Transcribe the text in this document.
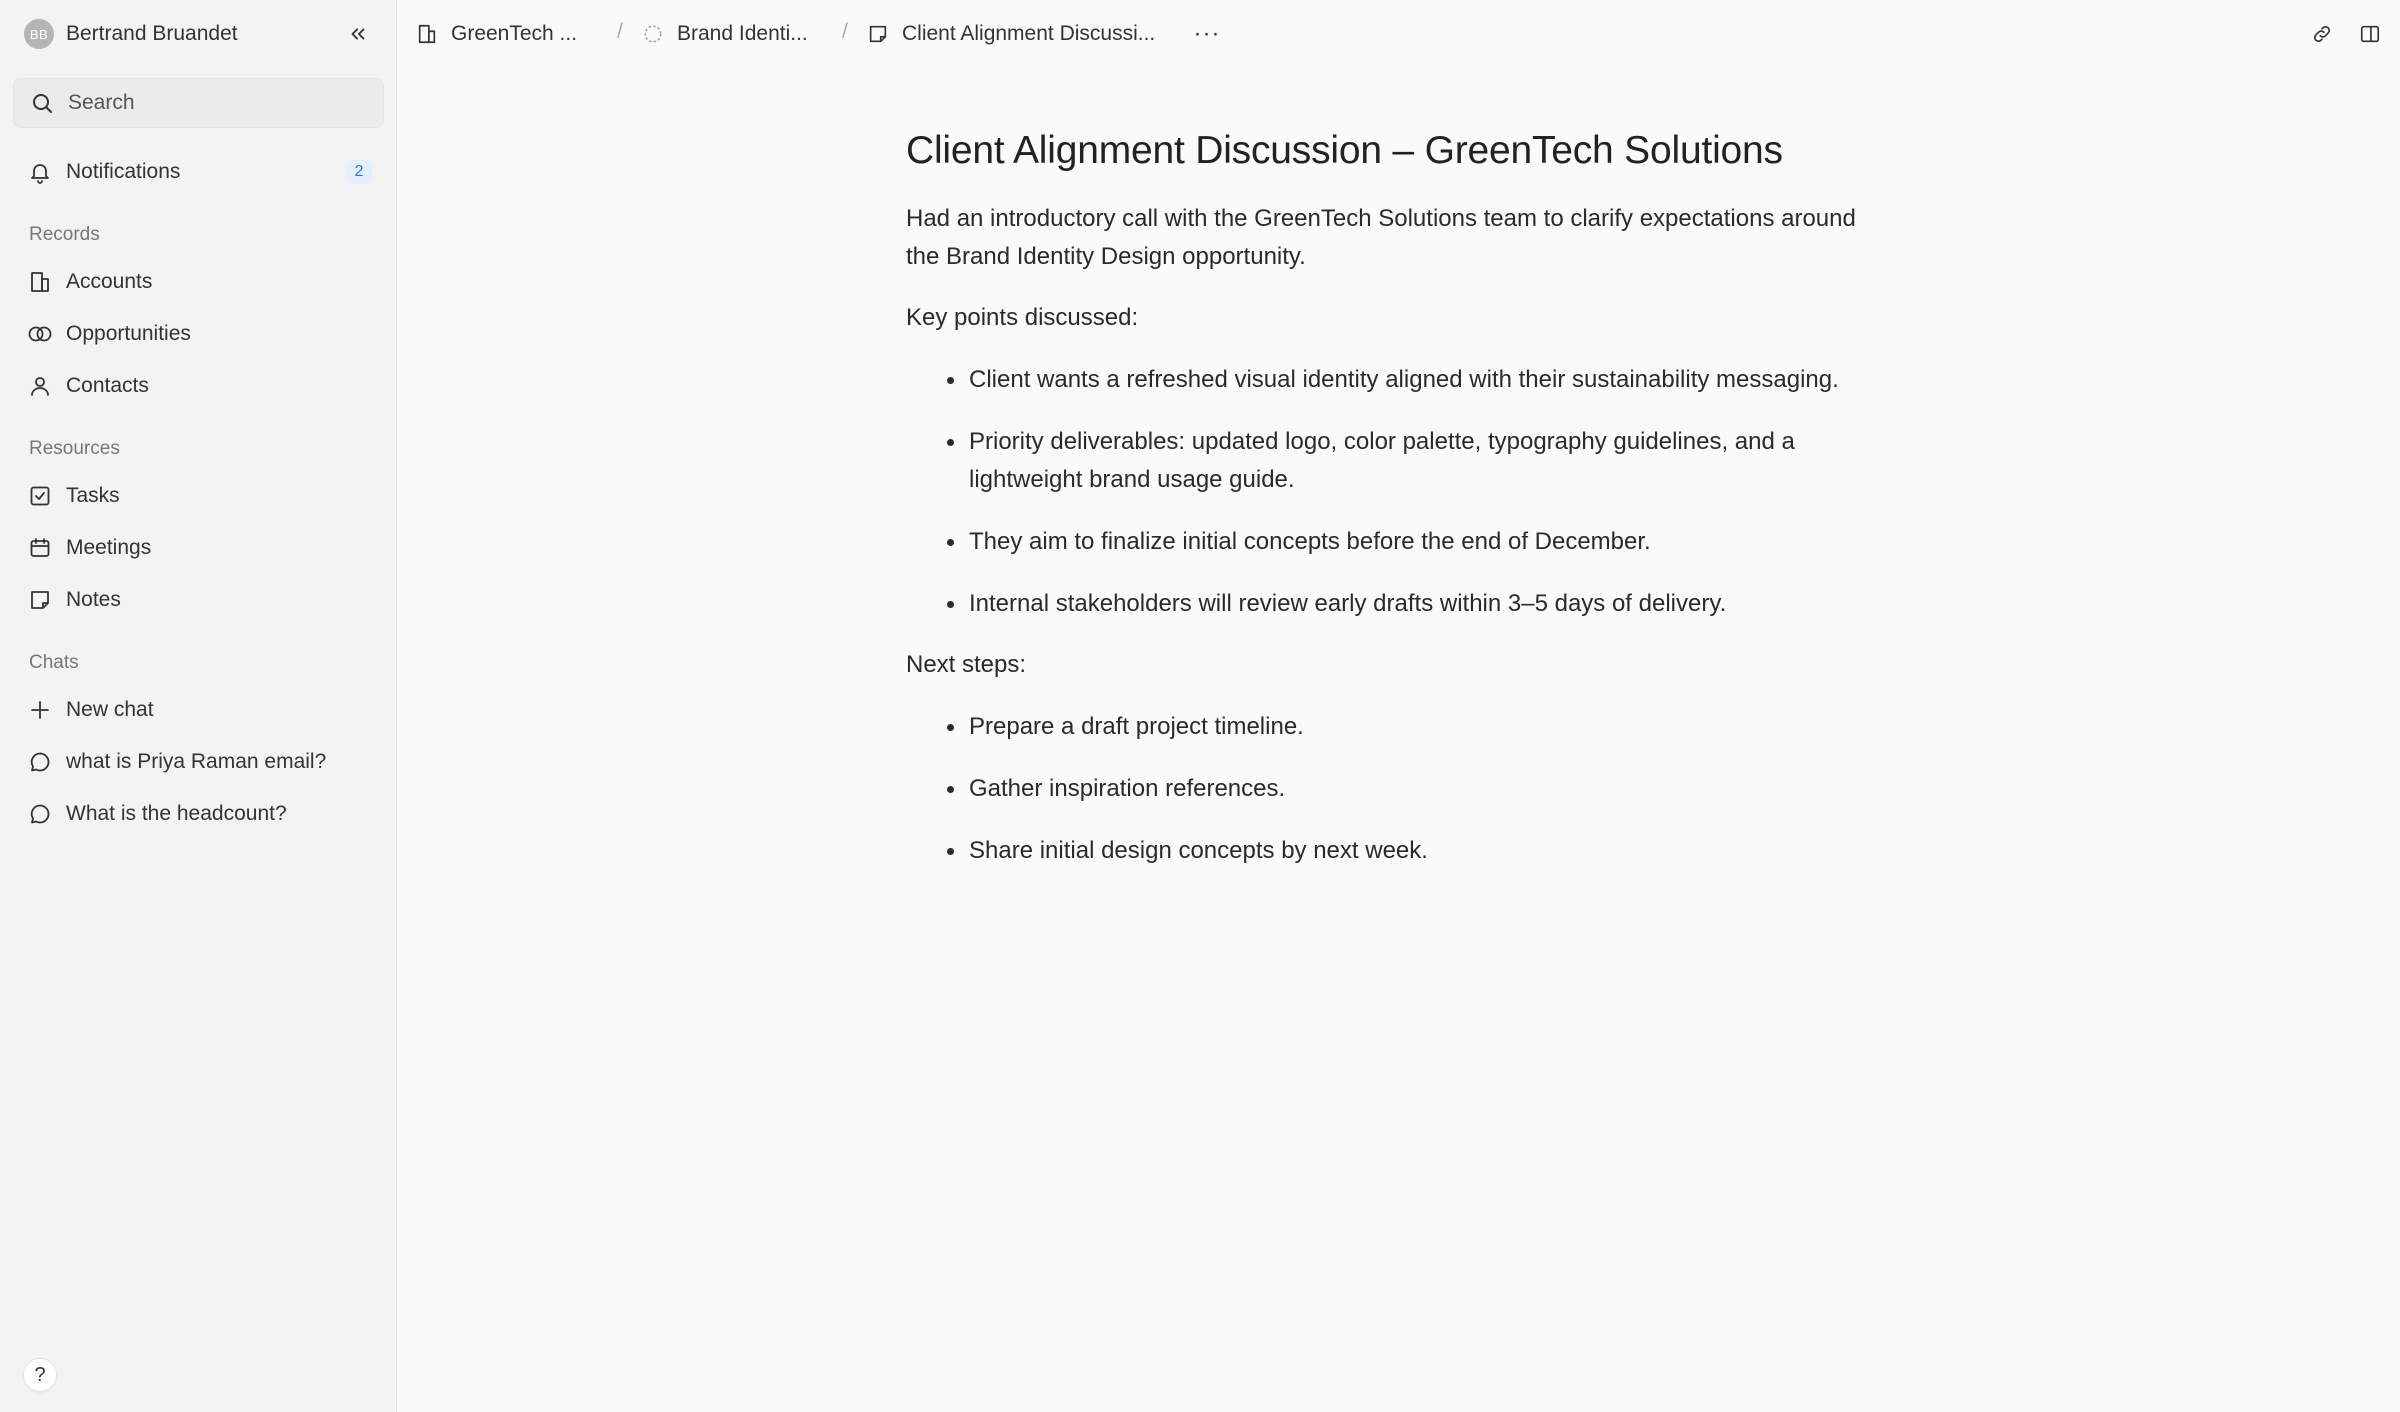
BB Bertrand Bruandet
Search
Notifications	2
Records
Accounts
Opportunities
Contacts
Resources
Tasks
Meetings
Notes
Chats
New chat
what is Priya Raman email?
What is the headcount?
?
GreenTech ... /	Brand Identi... /	Client Alignment Discussi... ···
Client Alignment Discussion – GreenTech Solutions

Had an introductory call with the GreenTech Solutions team to clarify expectations around the Brand Identity Design opportunity.

Key points discussed:

Client wants a refreshed visual identity aligned with their sustainability messaging.
Priority deliverables: updated logo, color palette, typography guidelines, and a lightweight brand usage guide.
They aim to finalize initial concepts before the end of December.
Internal stakeholders will review early drafts within 3–5 days of delivery.

Next steps:

Prepare a draft project timeline.
Gather inspiration references.
Share initial design concepts by next week.
